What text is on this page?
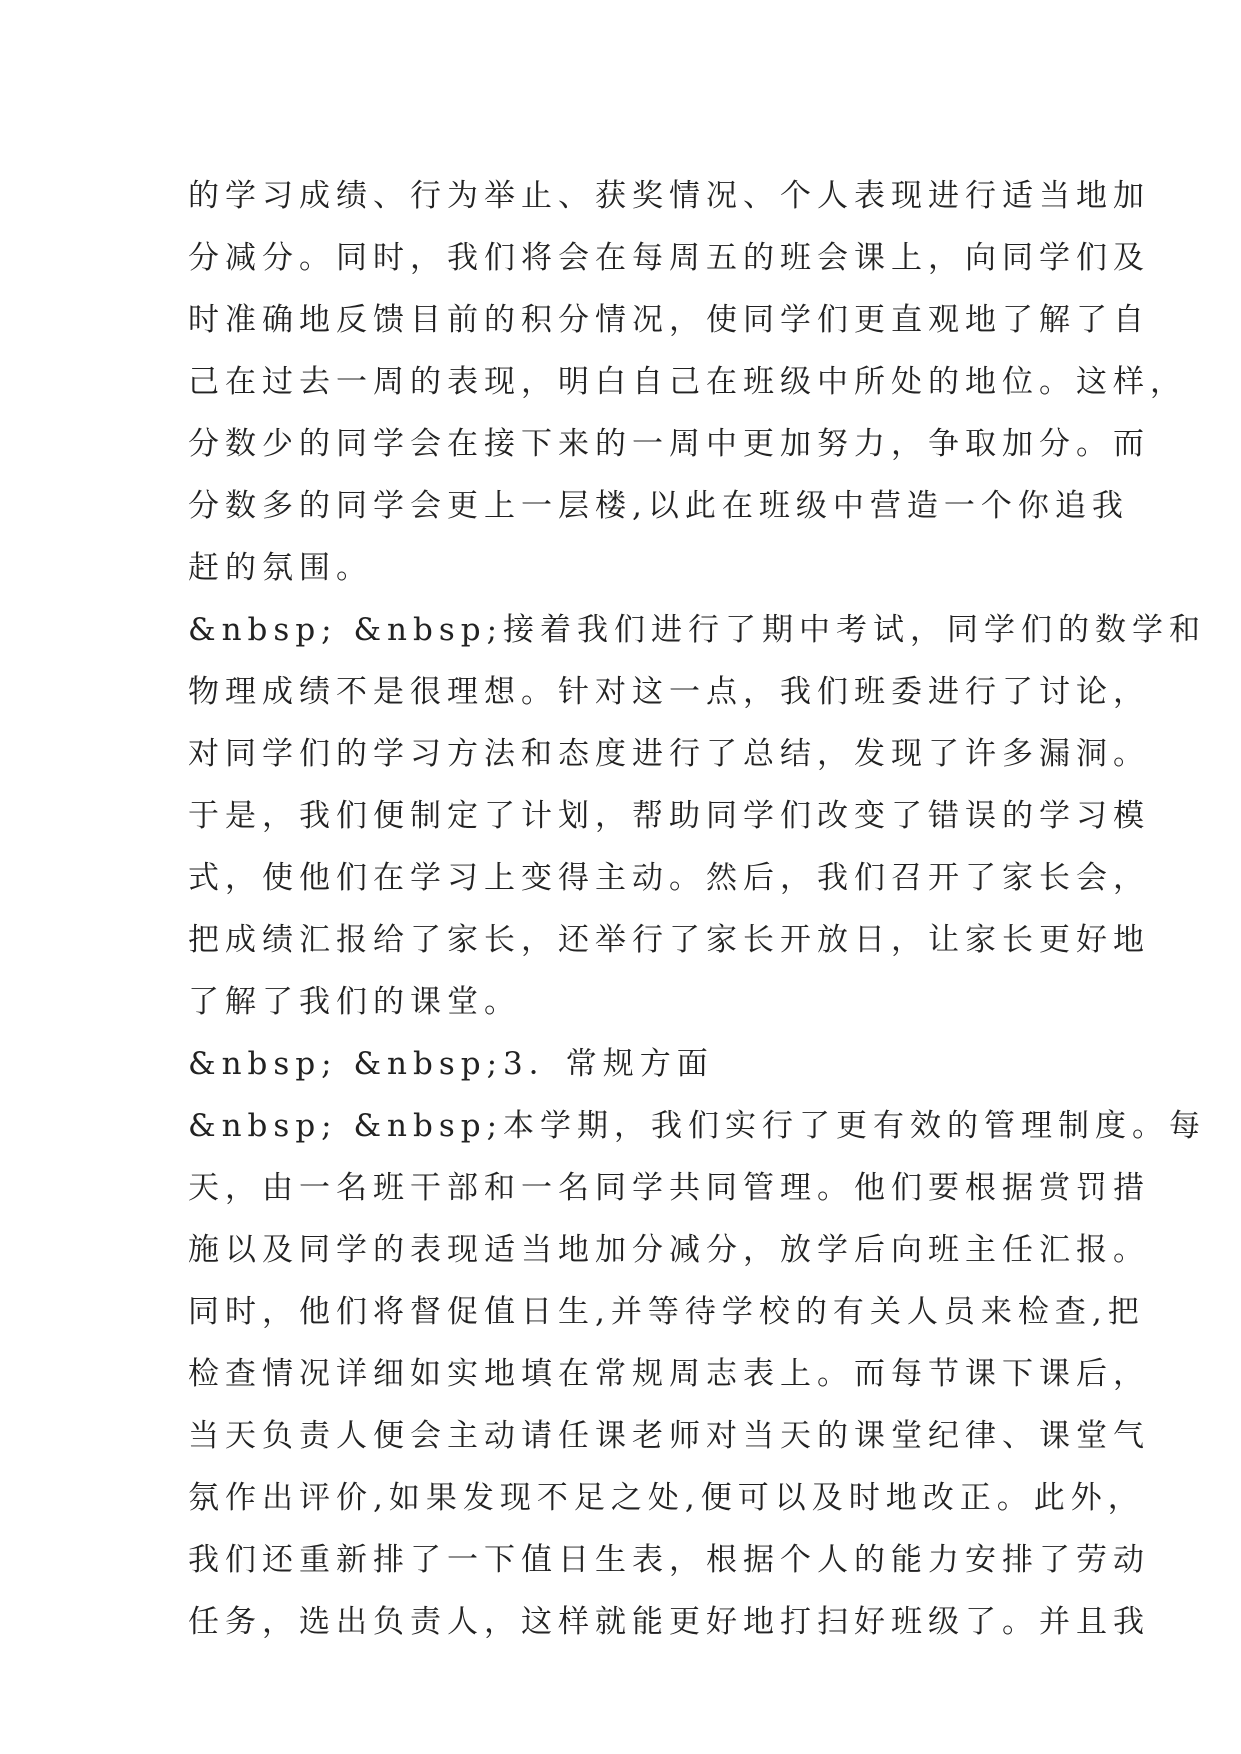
的学习成绩、行为举止、获奖情况、个人表现进行适当地加
分减分。同时，我们将会在每周五的班会课上，向同学们及
时准确地反馈目前的积分情况，使同学们更直观地了解了自
己在过去一周的表现，明白自己在班级中所处的地位。这样，
分数少的同学会在接下来的一周中更加努力，争取加分。而
分数多的同学会更上一层楼,以此在班级中营造一个你追我
赶的氛围。
&nbsp; &nbsp;接着我们进行了期中考试，同学们的数学和
物理成绩不是很理想。针对这一点，我们班委进行了讨论，
对同学们的学习方法和态度进行了总结，发现了许多漏洞。
于是，我们便制定了计划，帮助同学们改变了错误的学习模
式，使他们在学习上变得主动。然后，我们召开了家长会，
把成绩汇报给了家长，还举行了家长开放日，让家长更好地
了解了我们的课堂。
&nbsp; &nbsp;3．常规方面
&nbsp; &nbsp;本学期，我们实行了更有效的管理制度。每
天，由一名班干部和一名同学共同管理。他们要根据赏罚措
施以及同学的表现适当地加分减分，放学后向班主任汇报。
同时，他们将督促值日生,并等待学校的有关人员来检查,把
检查情况详细如实地填在常规周志表上。而每节课下课后，
当天负责人便会主动请任课老师对当天的课堂纪律、课堂气
氛作出评价,如果发现不足之处,便可以及时地改正。此外，
我们还重新排了一下值日生表，根据个人的能力安排了劳动
任务，选出负责人，这样就能更好地打扫好班级了。并且我
